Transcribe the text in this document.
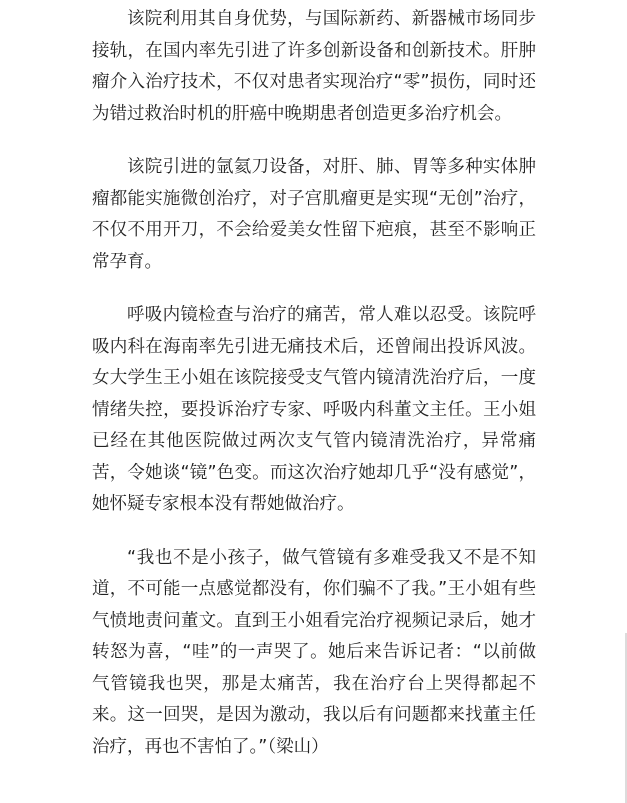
该院利用其自身优势，与国际新药、新器械市场同步接轨，在国内率先引进了许多创新设备和创新技术。肝肿瘤介入治疗技术，不仅对患者实现治疗“零”损伤，同时还为错过救治时机的肝癌中晚期患者创造更多治疗机会。

该院引进的氩氦刀设备，对肝、肺、胃等多种实体肿瘤都能实施微创治疗，对子宫肌瘤更是实现“无创”治疗，不仅不用开刀，不会给爱美女性留下疤痕，甚至不影响正常孕育。

呼吸内镜检查与治疗的痛苦，常人难以忍受。该院呼吸内科在海南率先引进无痛技术后，还曾闹出投诉风波。女大学生王小姐在该院接受支气管内镜清洗治疗后，一度情绪失控，要投诉治疗专家、呼吸内科董文主任。王小姐已经在其他医院做过两次支气管内镜清洗治疗，异常痛苦，令她谈“镜”色变。而这次治疗她却几乎“没有感觉”，她怀疑专家根本没有帮她做治疗。

“我也不是小孩子，做气管镜有多难受我又不是不知道，不可能一点感觉都没有，你们骗不了我。”王小姐有些气愤地责问董文。直到王小姐看完治疗视频记录后，她才转怒为喜，“哇”的一声哭了。她后来告诉记者：“以前做气管镜我也哭，那是太痛苦，我在治疗台上哭得都起不来。这一回哭，是因为激动，我以后有问题都来找董主任治疗，再也不害怕了。”（梁山）
